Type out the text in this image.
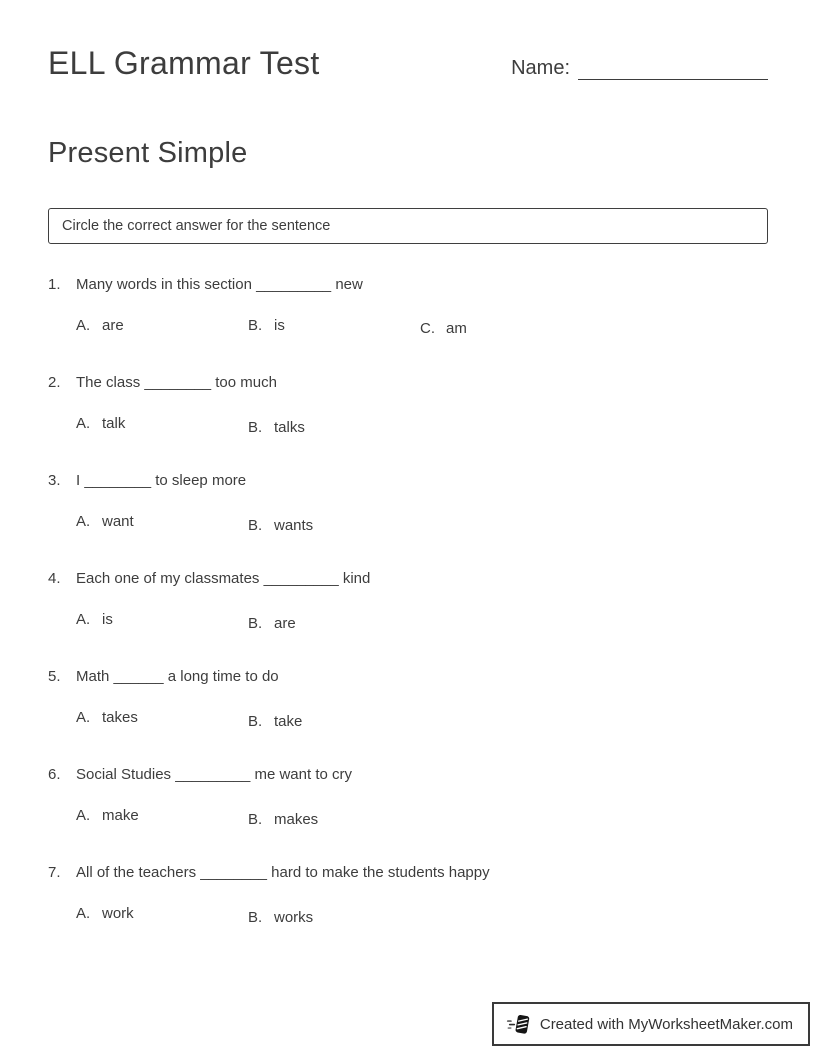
ELL Grammar Test	Name:
Present Simple
Circle the correct answer for the sentence
1.	Many words in this section _________ new
A. are	B. is	C. am
2.	The class ________ too much
A. talk	B. talks
3.	I ________ to sleep more
A. want	B. wants
4.	Each one of my classmates _________ kind
A. is	B. are
5.	Math ______ a long time to do
A. takes	B. take
6.	Social Studies _________ me want to cry
A. make	B. makes
7.	All of the teachers ________ hard to make the students happy
A. work	B. works
Created with MyWorksheetMaker.com
